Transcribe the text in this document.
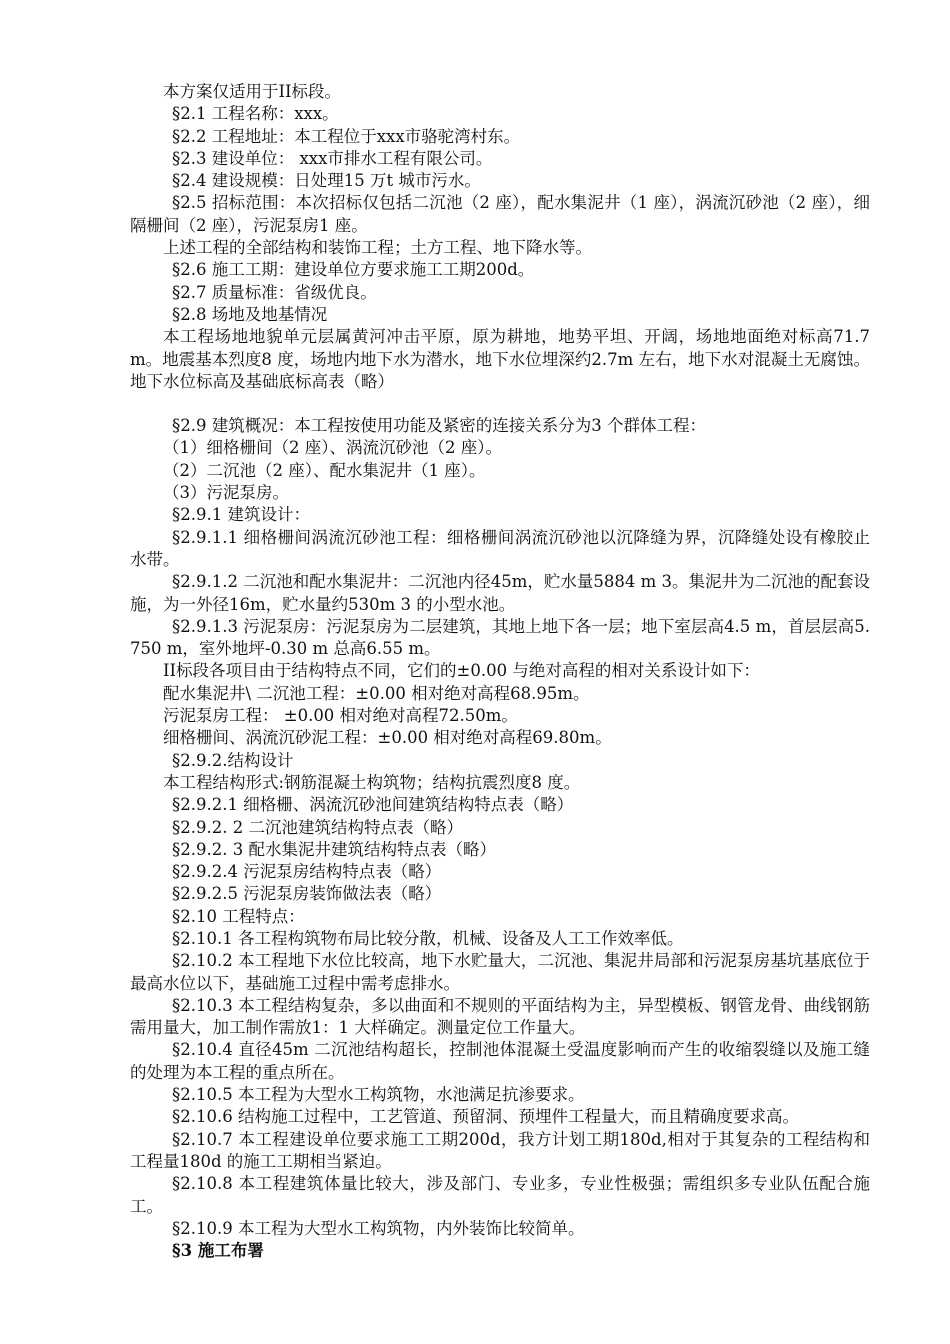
本方案仅适用于II标段。

§2.1 工程名称：xxx。

§2.2 工程地址：本工程位于xxx市骆驼湾村东。

§2.3 建设单位： xxx市排水工程有限公司。

§2.4 建设规模：日处理15 万t 城市污水。

§2.5 招标范围：本次招标仅包括二沉池（2 座），配水集泥井（1 座），涡流沉砂池（2 座），细隔栅间（2 座），污泥泵房1 座。

上述工程的全部结构和装饰工程；土方工程、地下降水等。

§2.6 施工工期：建设单位方要求施工工期200d。

§2.7 质量标准：省级优良。

§2.8 场地及地基情况

本工程场地地貌单元层属黄河冲击平原，原为耕地，地势平坦、开阔，场地地面绝对标高71.7 m。地震基本烈度8 度，场地内地下水为潜水，地下水位埋深约2.7m 左右，地下水对混凝土无腐蚀。地下水位标高及基础底标高表（略）

§2.9 建筑概况：本工程按使用功能及紧密的连接关系分为3 个群体工程：

（1）细格栅间（2 座）、涡流沉砂池（2 座）。

（2）二沉池（2 座）、配水集泥井（1 座）。

（3）污泥泵房。

§2.9.1 建筑设计：

§2.9.1.1 细格栅间涡流沉砂池工程：细格栅间涡流沉砂池以沉降缝为界，沉降缝处设有橡胶止水带。

§2.9.1.2 二沉池和配水集泥井：二沉池内径45m，贮水量5884 m 3。集泥井为二沉池的配套设施，为一外径16m，贮水量约530m 3 的小型水池。

§2.9.1.3 污泥泵房：污泥泵房为二层建筑，其地上地下各一层；地下室层高4.5 m，首层层高5.750 m，室外地坪-0.30 m 总高6.55 m。

II标段各项目由于结构特点不同，它们的±0.00 与绝对高程的相对关系设计如下：

配水集泥井\ 二沉池工程：±0.00 相对绝对高程68.95m。

污泥泵房工程： ±0.00 相对绝对高程72.50m。

细格栅间、涡流沉砂泥工程：±0.00 相对绝对高程69.80m。

§2.9.2.结构设计

本工程结构形式:钢筋混凝土构筑物；结构抗震烈度8 度。

§2.9.2.1 细格栅、涡流沉砂池间建筑结构特点表（略）

§2.9.2. 2 二沉池建筑结构特点表（略）

§2.9.2. 3 配水集泥井建筑结构特点表（略）

§2.9.2.4 污泥泵房结构特点表（略）

§2.9.2.5 污泥泵房装饰做法表（略）

§2.10 工程特点：

§2.10.1 各工程构筑物布局比较分散，机械、设备及人工工作效率低。

§2.10.2 本工程地下水位比较高，地下水贮量大，二沉池、集泥井局部和污泥泵房基坑基底位于最高水位以下，基础施工过程中需考虑排水。

§2.10.3 本工程结构复杂，多以曲面和不规则的平面结构为主，异型模板、钢管龙骨、曲线钢筋需用量大，加工制作需放1：1 大样确定。测量定位工作量大。

§2.10.4 直径45m 二沉池结构超长，控制池体混凝土受温度影响而产生的收缩裂缝以及施工缝的处理为本工程的重点所在。

§2.10.5 本工程为大型水工构筑物，水池满足抗渗要求。

§2.10.6 结构施工过程中，工艺管道、预留洞、预埋件工程量大，而且精确度要求高。

§2.10.7 本工程建设单位要求施工工期200d，我方计划工期180d,相对于其复杂的工程结构和工程量180d 的施工工期相当紧迫。

§2.10.8 本工程建筑体量比较大，涉及部门、专业多，专业性极强；需组织多专业队伍配合施工。

§2.10.9 本工程为大型水工构筑物，内外装饰比较简单。

§3 施工布署
